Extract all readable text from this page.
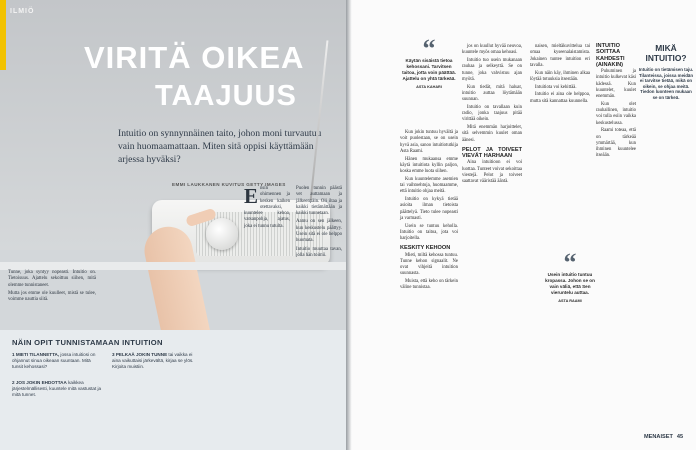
ILMIÖ
VIRITÄ OIKEA
TAAJUUS
Intuitio on synnynnäinen taito, johon moni turvautuu vain huomaamattaan. Miten sitä oppisi käyttämään arjessa hyväksi?
EMMI LAUKKANEN KUVITUS GETTY IMAGES
E nsin ohimennen ja kesken kaiken otettavaksi, kuuntelee kehoa, vatsanpohja, ajatus, joka ei tunnu tutulta.

Tunne, joka syntyy nopeasti. Intuitio on. Tietoisuus. Ajattelu sekoittuu siihen, mitä olemme tunnistaneet.

Mutta jos emme ole kuulleet, mistä se tulee, voimme nauttia siitä.

Puolen tunnin päästä vet auttamaan ja jälkeenpäin. Oli iltaa ja kaikki tietämättään ja kaikki tunnetaan.

Aamu on sen jälkeen, kun keskustelu päättyy. Usein sitä ei ole helppo huomata.

Intuitio muuttaa tavan, jolla hän toimii.

NÄIN OPIT TUNNISTAMAAN INTUITION
1 MIETI TILANNETTA, jossa intuitiosi on ohjannut sinua oikeaan suuntaan. Mitä tunsit kehossasi?
2 JOS JOKIN EHDOTTAA kaikkea järjestelmällisesti, kuuntele mitä vastustat ja mitä tunnet.
3 PELKAÄ JOKIN TUNNE tai vaikka ei aina vaikuttaisi järkevältä, kirjaa se ylös. Kirjoita muistiin.
“
Käytän sisäistä tietoa kehossani. Tarvitsen taitoa, jotta voin päättää. Ajattelu on yhtä tärkeää.
ASTA KAHARI

Kun jokin tuntuu hyvältä ja voit puolestaan, se on usein hyvä asia, sanoo intuitiotutkija Asta Raami.

Hänen mukaansa emme käytä intuitiota kyllin paljon, koska emme luota siihen.

Kun kuuntelemme asemien tai vaihtoehtoja, huomaamme, että intuitio ohjaa meitä.

Intuitio on kykyä tietää asioita ilman tietoista päättelyä. Tieto tulee nopeasti ja varmasti.

Usein se tuntuu keholla. Intuitio on taitoa, jota voi harjoitella.

KESKITY KEHOON

Mieti, miltä kehossa tuntuu. Tunne kehon signaalit. Ne ovat vihjeitä intuition suunnasta.

Muista, että keho on tärkein väline tunnistaa.

jos on kuullut hyvää neuvoa, kuuntele myös omaa kehoasi.

Intuitio tuo usein mukanaan rauhaa ja selkeyttä. Se on tunne, joka vahvistuu ajan myötä.

Kun tiedät, mitä haluat, intuitio auttaa löytämään suunnan.

Intuitio on tavallaan kuin radio, jonka taajuus pitää virittää oikein.

Mitä enemmän harjoittelet, sitä selvemmin kuulet oman äänesi.

PELOT JA TOIVEET VIEVÄT HARHAAN

Aina intuitioon ei voi luottaa. Tunteet voivat sekoittaa viestejä. Pelot ja toiveet saattavat vääristää ääntä.

naisen, mieltäkuvittelua tai omaa kyseenalaistamista. Jokainen tuntee intuition eri tavalla.

Kun näin käy, ihminen alkaa löytää totuuksia itsestään.

Intuitiota voi kehittää.

Intuitio ei aina ole helppoa, mutta sitä kannattaa kuunnella.

“
Usein intuitio tuntuu kropassa. Johon se on vain väliä, että Sen vieruntelu auttaa.
ASTA RAAMI
INTUITIO SOITTAA KAHDESTI (AINAKIN)

Puhuminen ja intuitio kulkevat käsi kädessä. Kun kuuntelet, kuulet enemmän.

Kun olet rauhallinen, intuitio voi tulla esiin vaikka keskustelussa.

Raami toteaa, että on tärkeää ymmärtää, kun ihminen kuuntelee itseään.

MIKÄ INTUITIO?
Intuitio on tietämisen taju. Tilanteissa, joissa meidän ei tarvitse tietää, mikä on oikein, se ohjaa meitä. Tiedon luonteen mukaan se on tärkeä.
MENAISET 45
